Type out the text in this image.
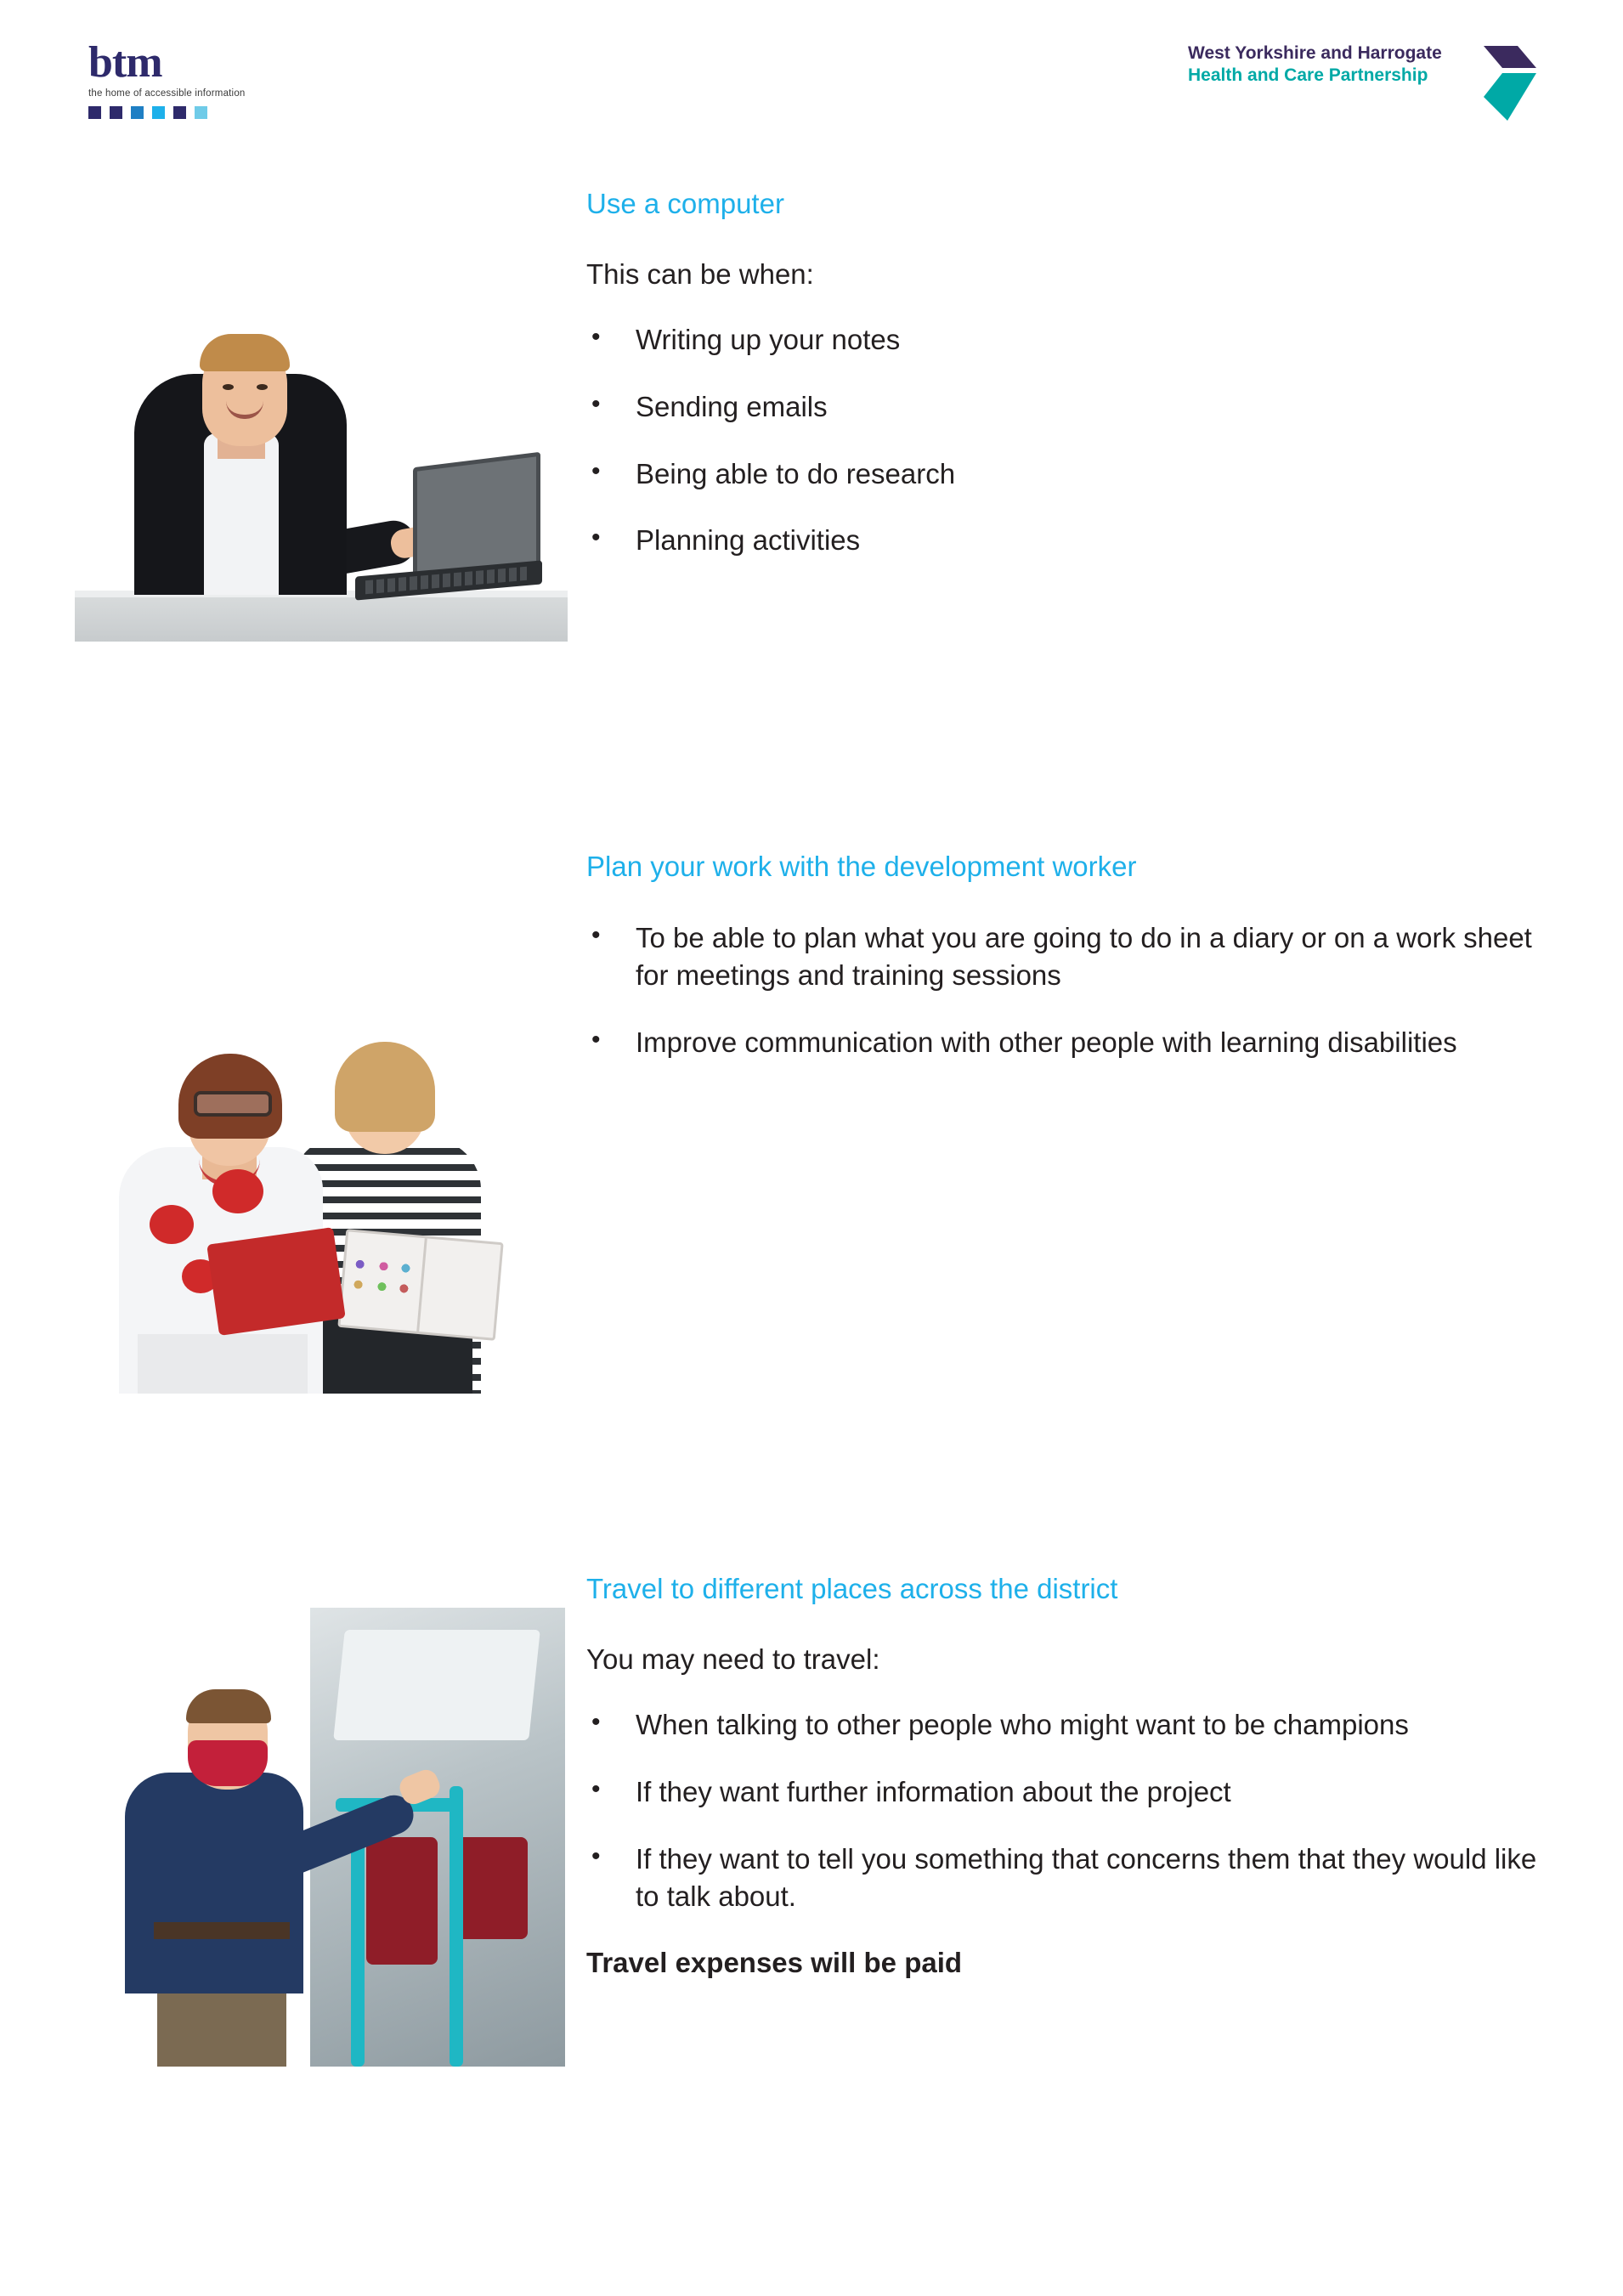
btm
the home of accessible information
West Yorkshire and Harrogate
Health and Care Partnership
Use a computer

This can be when:

• Writing up your notes
• Sending emails
• Being able to do research
• Planning activities
Plan your work with the development worker
• To be able to plan what you are going to do in a diary or on a work sheet for meetings and training sessions
• Improve communication with other people with learning disabilities
Travel to different places across the district

You may need to travel:

• When talking to other people who might want to be champions
• If they want further information about the project
• If they want to tell you something that concerns them that they would like to talk about.

Travel expenses will be paid
